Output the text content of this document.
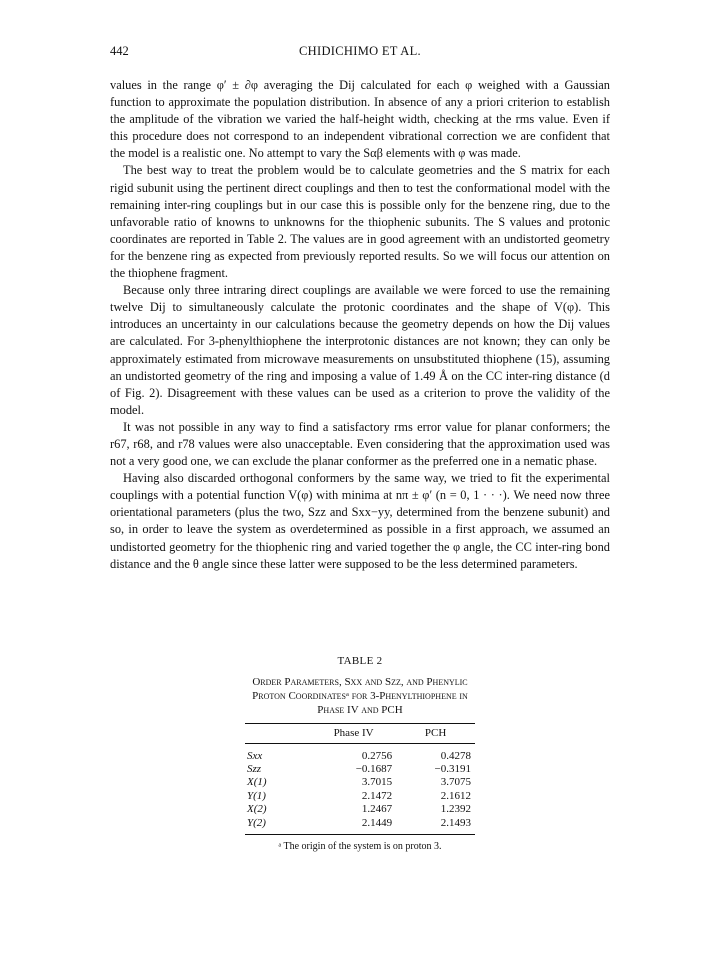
442	CHIDICHIMO ET AL.

values in the range φ′ ± ∂φ averaging the Dij calculated for each φ weighed with a Gaussian function to approximate the population distribution. In absence of any a priori criterion to establish the amplitude of the vibration we varied the half-height width, checking at the rms value. Even if this procedure does not correspond to an independent vibrational correction we are confident that the model is a realistic one. No attempt to vary the Sαβ elements with φ was made.

The best way to treat the problem would be to calculate geometries and the S matrix for each rigid subunit using the pertinent direct couplings and then to test the conformational model with the remaining inter-ring couplings but in our case this is possible only for the benzene ring, due to the unfavorable ratio of knowns to unknowns for the thiophenic subunits. The S values and protonic coordinates are reported in Table 2. The values are in good agreement with an undistorted geometry for the benzene ring as expected from previously reported results. So we will focus our attention on the thiophene fragment.

Because only three intraring direct couplings are available we were forced to use the remaining twelve Dij to simultaneously calculate the protonic coordinates and the shape of V(φ). This introduces an uncertainty in our calculations because the geometry depends on how the Dij values are calculated. For 3-phenylthiophene the interprotonic distances are not known; they can only be approximately estimated from microwave measurements on unsubstituted thiophene (15), assuming an undistorted geometry of the ring and imposing a value of 1.49 Å on the CC inter-ring distance (d of Fig. 2). Disagreement with these values can be used as a criterion to prove the validity of the model.

It was not possible in any way to find a satisfactory rms error value for planar conformers; the r67, r68, and r78 values were also unacceptable. Even considering that the approximation used was not a very good one, we can exclude the planar conformer as the preferred one in a nematic phase.

Having also discarded orthogonal conformers by the same way, we tried to fit the experimental couplings with a potential function V(φ) with minima at nπ ± φ′ (n = 0, 1 · · ·). We need now three orientational parameters (plus the two, Szz and Sxx−yy, determined from the benzene subunit) and so, in order to leave the system as overdetermined as possible in a first approach, we assumed an undistorted geometry for the thiophenic ring and varied together the φ angle, the CC inter-ring bond distance and the θ angle since these latter were supposed to be the less determined parameters.

TABLE 2
Order Parameters, Sxx and Szz, and Phenylic Proton Coordinatesᵃ for 3-Phenylthiophene in Phase IV and PCH
	Phase IV	PCH
Sxx	0.2756	0.4278
Szz	−0.1687	−0.3191
X(1)	3.7015	3.7075
Y(1)	2.1472	2.1612
X(2)	1.2467	1.2392
Y(2)	2.1449	2.1493
ᵃ The origin of the system is on proton 3.
